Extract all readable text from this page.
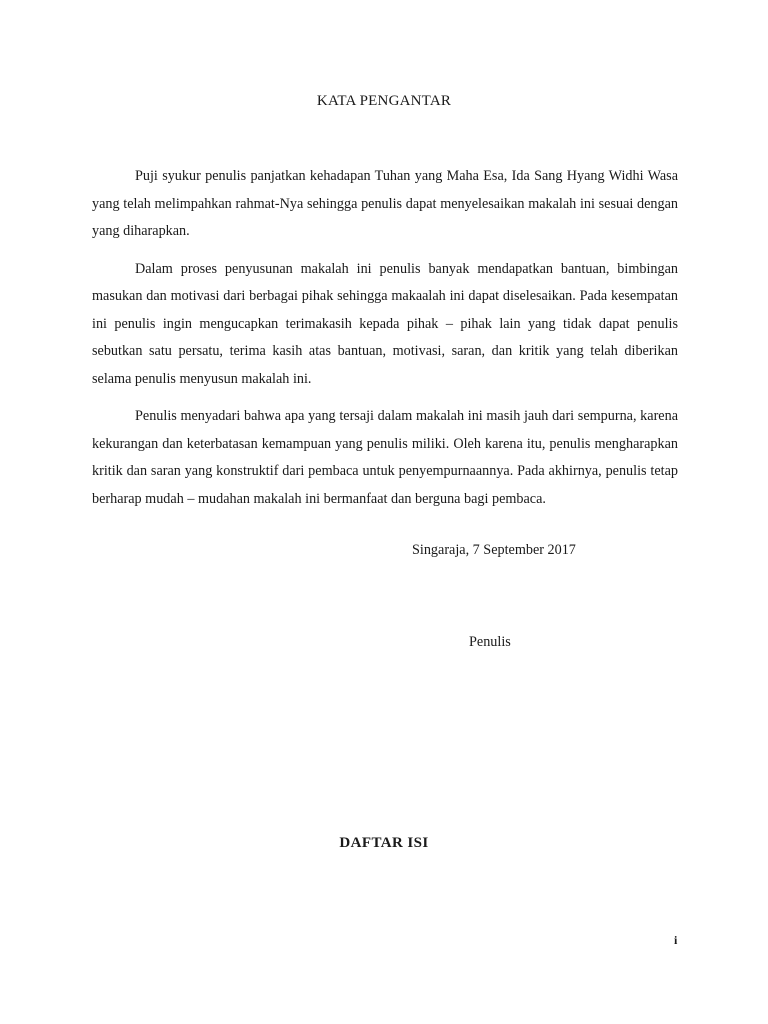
KATA PENGANTAR

Puji syukur penulis panjatkan kehadapan Tuhan yang Maha Esa, Ida Sang Hyang Widhi Wasa yang telah melimpahkan rahmat-Nya sehingga penulis dapat menyelesaikan makalah ini sesuai dengan yang diharapkan.

Dalam proses penyusunan makalah ini penulis banyak mendapatkan bantuan, bimbingan masukan dan motivasi dari berbagai pihak sehingga makaalah ini dapat diselesaikan. Pada kesempatan ini penulis ingin mengucapkan terimakasih kepada pihak – pihak lain yang tidak dapat penulis sebutkan satu persatu, terima kasih atas bantuan, motivasi, saran, dan kritik yang telah diberikan selama penulis menyusun makalah ini.

Penulis menyadari bahwa apa yang tersaji dalam makalah ini masih jauh dari sempurna, karena kekurangan dan keterbatasan kemampuan yang penulis miliki. Oleh karena itu, penulis mengharapkan kritik dan saran yang konstruktif dari pembaca untuk penyempurnaannya. Pada akhirnya, penulis tetap berharap mudah – mudahan makalah ini bermanfaat dan berguna bagi pembaca.

Singaraja, 7 September 2017

Penulis

DAFTAR ISI

i
